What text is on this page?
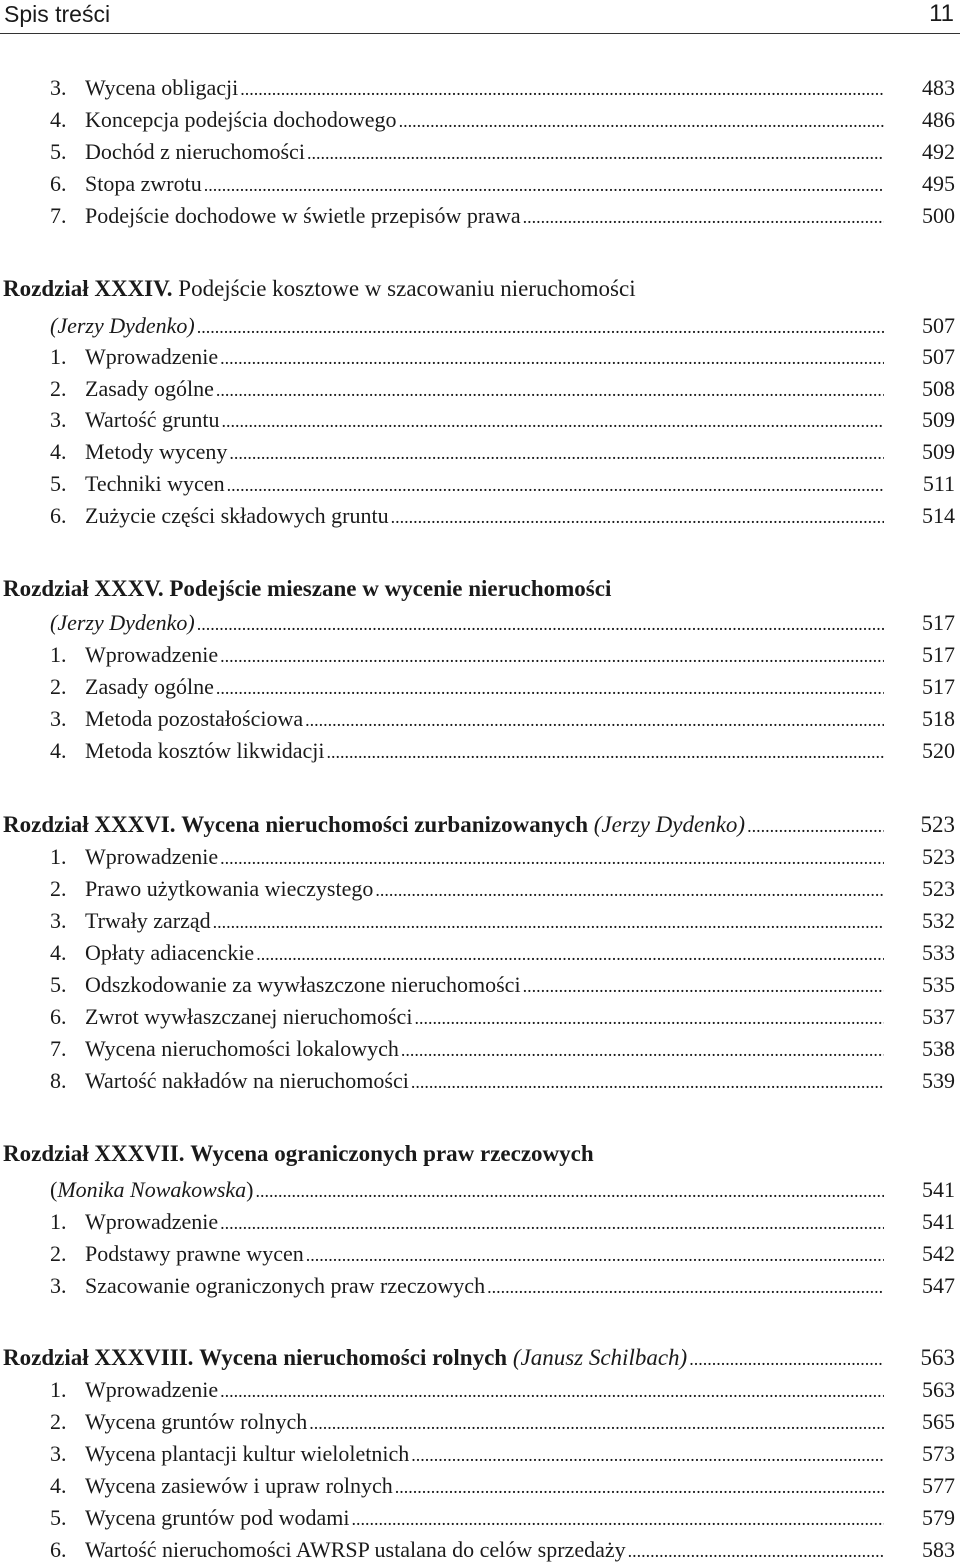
Spis treści	11
3. Wycena obligacji .....	483
4. Koncepcja podejścia dochodowego .....	486
5. Dochód z nieruchomości .....	492
6. Stopa zwrotu .....	495
7. Podejście dochodowe w świetle przepisów prawa .....	500
Rozdział XXXIV. Podejście kosztowe w szacowaniu nieruchomości
(Jerzy Dydenko) .....	507
1. Wprowadzenie .....	507
2. Zasady ogólne .....	508
3. Wartość gruntu .....	509
4. Metody wyceny .....	509
5. Techniki wycen .....	511
6. Zużycie części składowych gruntu .....	514
Rozdział XXXV. Podejście mieszane w wycenie nieruchomości
(Jerzy Dydenko) .....	517
1. Wprowadzenie .....	517
2. Zasady ogólne .....	517
3. Metoda pozostałościowa .....	518
4. Metoda kosztów likwidacji .....	520
Rozdział XXXVI. Wycena nieruchomości zurbanizowanych (Jerzy Dydenko) .....	523
1. Wprowadzenie .....	523
2. Prawo użytkowania wieczystego .....	523
3. Trwały zarząd .....	532
4. Opłaty adiacenckie .....	533
5. Odszkodowanie za wywłaszczone nieruchomości .....	535
6. Zwrot wywłaszczanej nieruchomości .....	537
7. Wycena nieruchomości lokalowych .....	538
8. Wartość nakładów na nieruchomości .....	539
Rozdział XXXVII. Wycena ograniczonych praw rzeczowych
(Monika Nowakowska) .....	541
1. Wprowadzenie .....	541
2. Podstawy prawne wycen .....	542
3. Szacowanie ograniczonych praw rzeczowych .....	547
Rozdział XXXVIII. Wycena nieruchomości rolnych (Janusz Schilbach) .....	563
1. Wprowadzenie .....	563
2. Wycena gruntów rolnych .....	565
3. Wycena plantacji kultur wieloletnich .....	573
4. Wycena zasiewów i upraw rolnych .....	577
5. Wycena gruntów pod wodami .....	579
6. Wartość nieruchomości AWRSP ustalana do celów sprzedaży .....	583
